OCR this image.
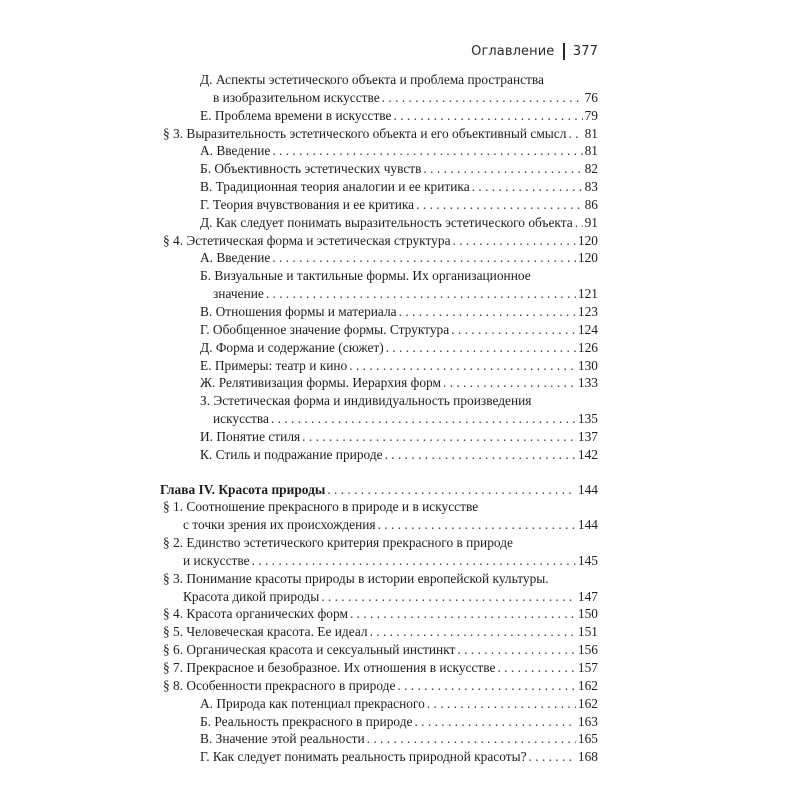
Оглавление 377
Д. Аспекты эстетического объекта и проблема пространства
в изобразительном искусстве . . .	76
Е. Проблема времени в искусстве . . .	79
§ 3. Выразительность эстетического объекта и его объективный смысл . . . 81
А. Введение . . .	81
Б. Объективность эстетических чувств . . .	82
В. Традиционная теория аналогии и ее критика . . .	83
Г. Теория вчувствования и ее критика . . .	86
Д. Как следует понимать выразительность эстетического объекта . . . 91
§ 4. Эстетическая форма и эстетическая структура . . .	120
А. Введение . . .	120
Б. Визуальные и тактильные формы. Их организационное
значение . . .	121
В. Отношения формы и материала . . .	123
Г. Обобщенное значение формы. Структура . . .	124
Д. Форма и содержание (сюжет) . . .	126
Е. Примеры: театр и кино . . .	130
Ж. Релятивизация формы. Иерархия форм . . .	133
З. Эстетическая форма и индивидуальность произведения
искусства . . .	135
И. Понятие стиля . . .	137
К. Стиль и подражание природе . . .	142
Глава IV. Красота природы . . .	144
§ 1. Соотношение прекрасного в природе и в искусстве
с точки зрения их происхождения . . .	144
§ 2. Единство эстетического критерия прекрасного в природе
и искусстве . . .	145
§ 3. Понимание красоты природы в истории европейской культуры.
Красота дикой природы . . .	147
§ 4. Красота органических форм . . .	150
§ 5. Человеческая красота. Ее идеал . . .	151
§ 6. Органическая красота и сексуальный инстинкт . . .	156
§ 7. Прекрасное и безобразное. Их отношения в искусстве . . .	157
§ 8. Особенности прекрасного в природе . . .	162
А. Природа как потенциал прекрасного . . .	162
Б. Реальность прекрасного в природе . . .	163
В. Значение этой реальности . . .	165
Г. Как следует понимать реальность природной красоты? . . .	168
